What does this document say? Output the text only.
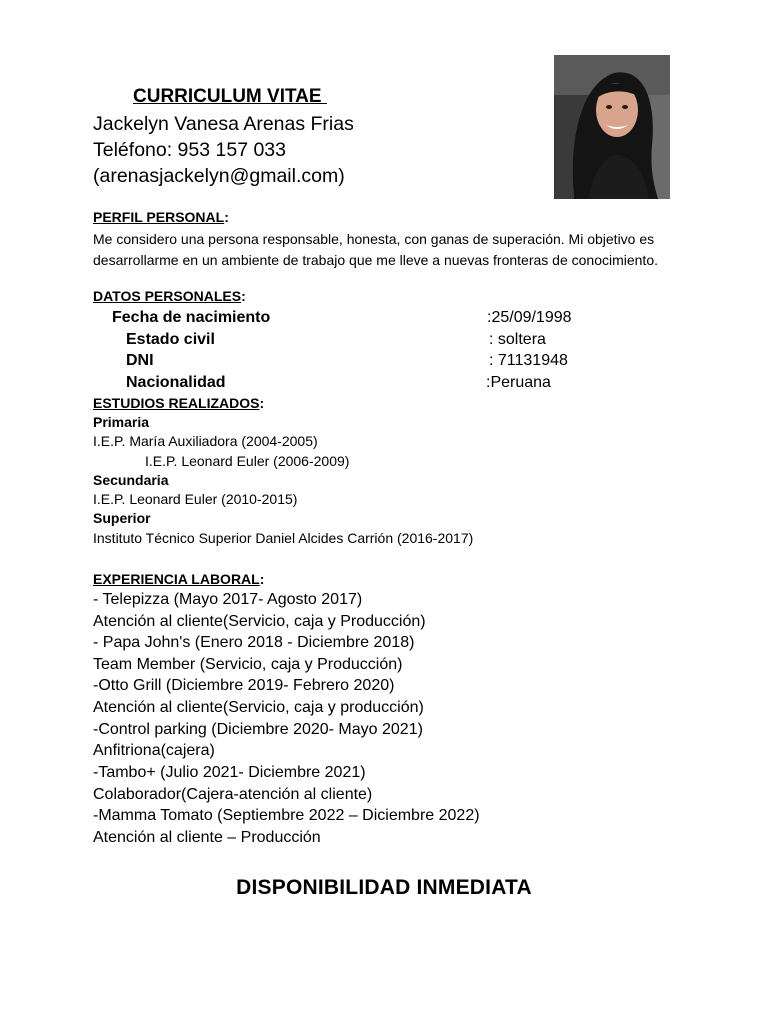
CURRICULUM VITAE
Jackelyn Vanesa Arenas Frias
Teléfono: 953 157 033
(arenasjackelyn@gmail.com)
PERFIL PERSONAL:
Me considero una persona responsable, honesta, con ganas de superación. Mi objetivo es desarrollarme en un ambiente de trabajo que me lleve a nuevas fronteras de conocimiento.
DATOS PERSONALES:
Fecha de nacimiento	:25/09/1998
Estado civil	: soltera
DNI	: 71131948
Nacionalidad	:Peruana
ESTUDIOS REALIZADOS:
Primaria
I.E.P. María Auxiliadora (2004-2005)
I.E.P. Leonard Euler (2006-2009)
Secundaria
I.E.P. Leonard Euler (2010-2015)
Superior
Instituto Técnico Superior Daniel Alcides Carrión (2016-2017)
EXPERIENCIA LABORAL:
- Telepizza (Mayo 2017- Agosto 2017)
Atención al cliente(Servicio, caja y Producción)
- Papa John's (Enero 2018 - Diciembre 2018)
Team Member (Servicio, caja y Producción)
-Otto Grill (Diciembre 2019- Febrero 2020)
Atención al cliente(Servicio, caja y producción)
-Control parking (Diciembre 2020- Mayo 2021)
Anfitriona(cajera)
-Tambo+ (Julio 2021- Diciembre 2021)
Colaborador(Cajera-atención al cliente)
-Mamma Tomato (Septiembre 2022 – Diciembre 2022)
Atención al cliente – Producción
DISPONIBILIDAD INMEDIATA
